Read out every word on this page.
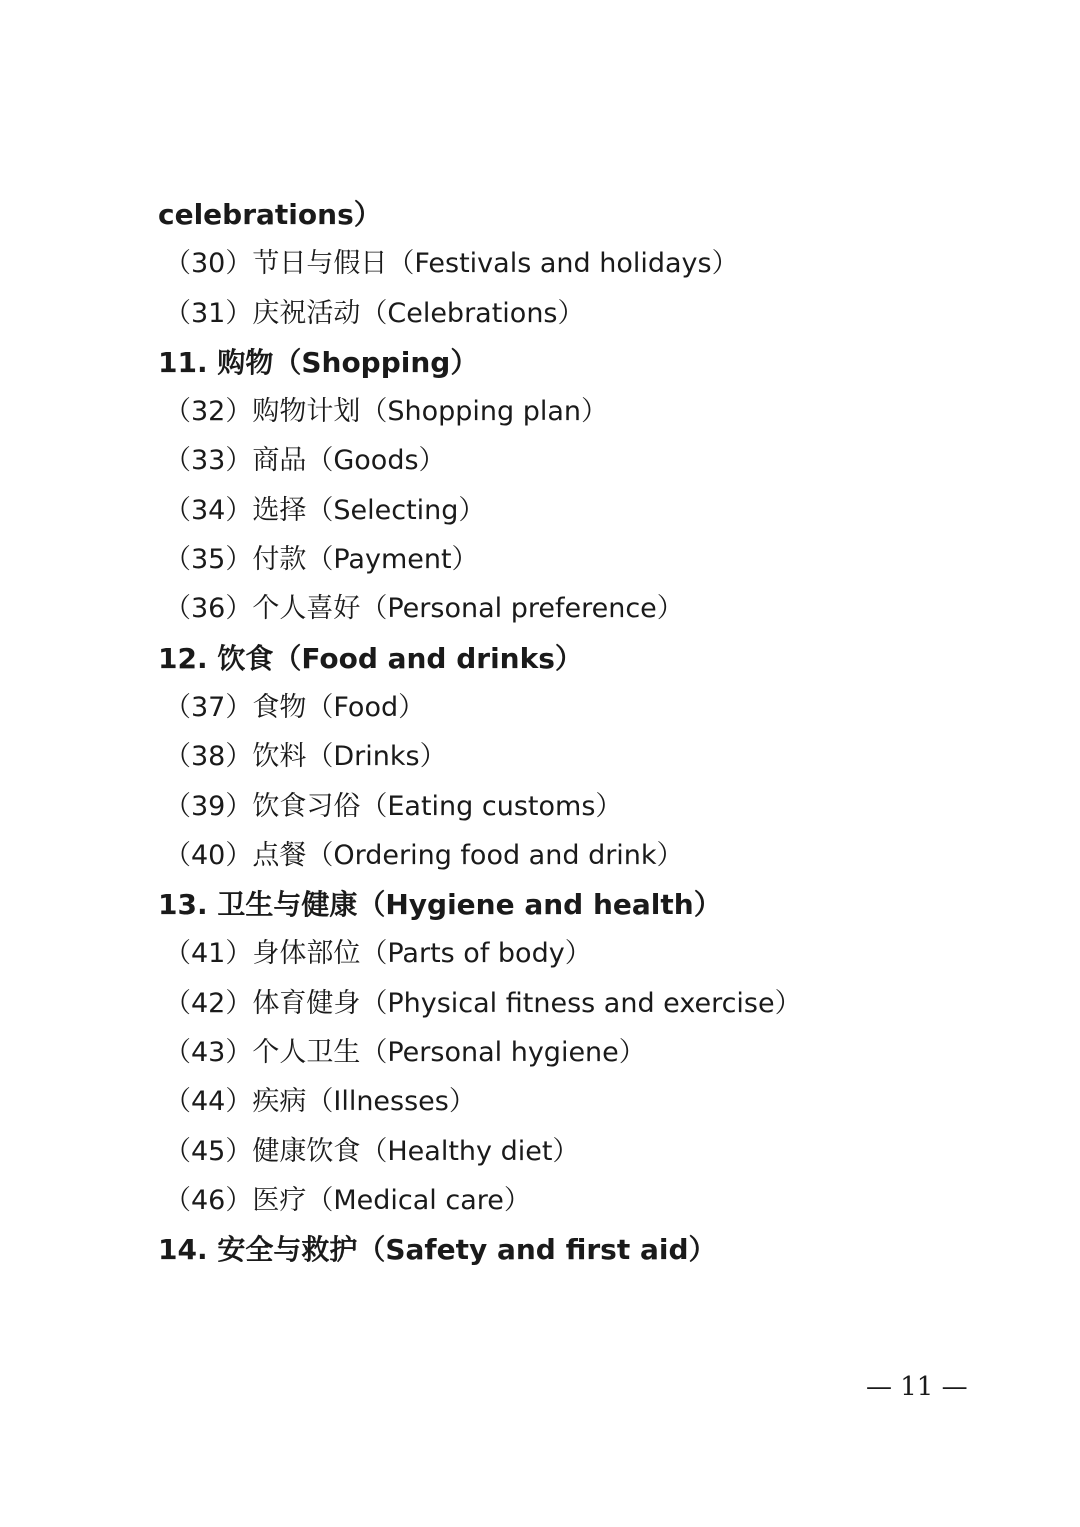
celebrations）
（30）节日与假日（Festivals and holidays）
（31）庆祝活动（Celebrations）
11. 购物（Shopping）
（32）购物计划（Shopping plan）
（33）商品（Goods）
（34）选择（Selecting）
（35）付款（Payment）
（36）个人喜好（Personal preference）
12. 饮食（Food and drinks）
（37）食物（Food）
（38）饮料（Drinks）
（39）饮食习俗（Eating customs）
（40）点餐（Ordering food and drink）
13. 卫生与健康（Hygiene and health）
（41）身体部位（Parts of body）
（42）体育健身（Physical fitness and exercise）
（43）个人卫生（Personal hygiene）
（44）疾病（Illnesses）
（45）健康饮食（Healthy diet）
（46）医疗（Medical care）
14. 安全与救护（Safety and first aid）
— 11 —
